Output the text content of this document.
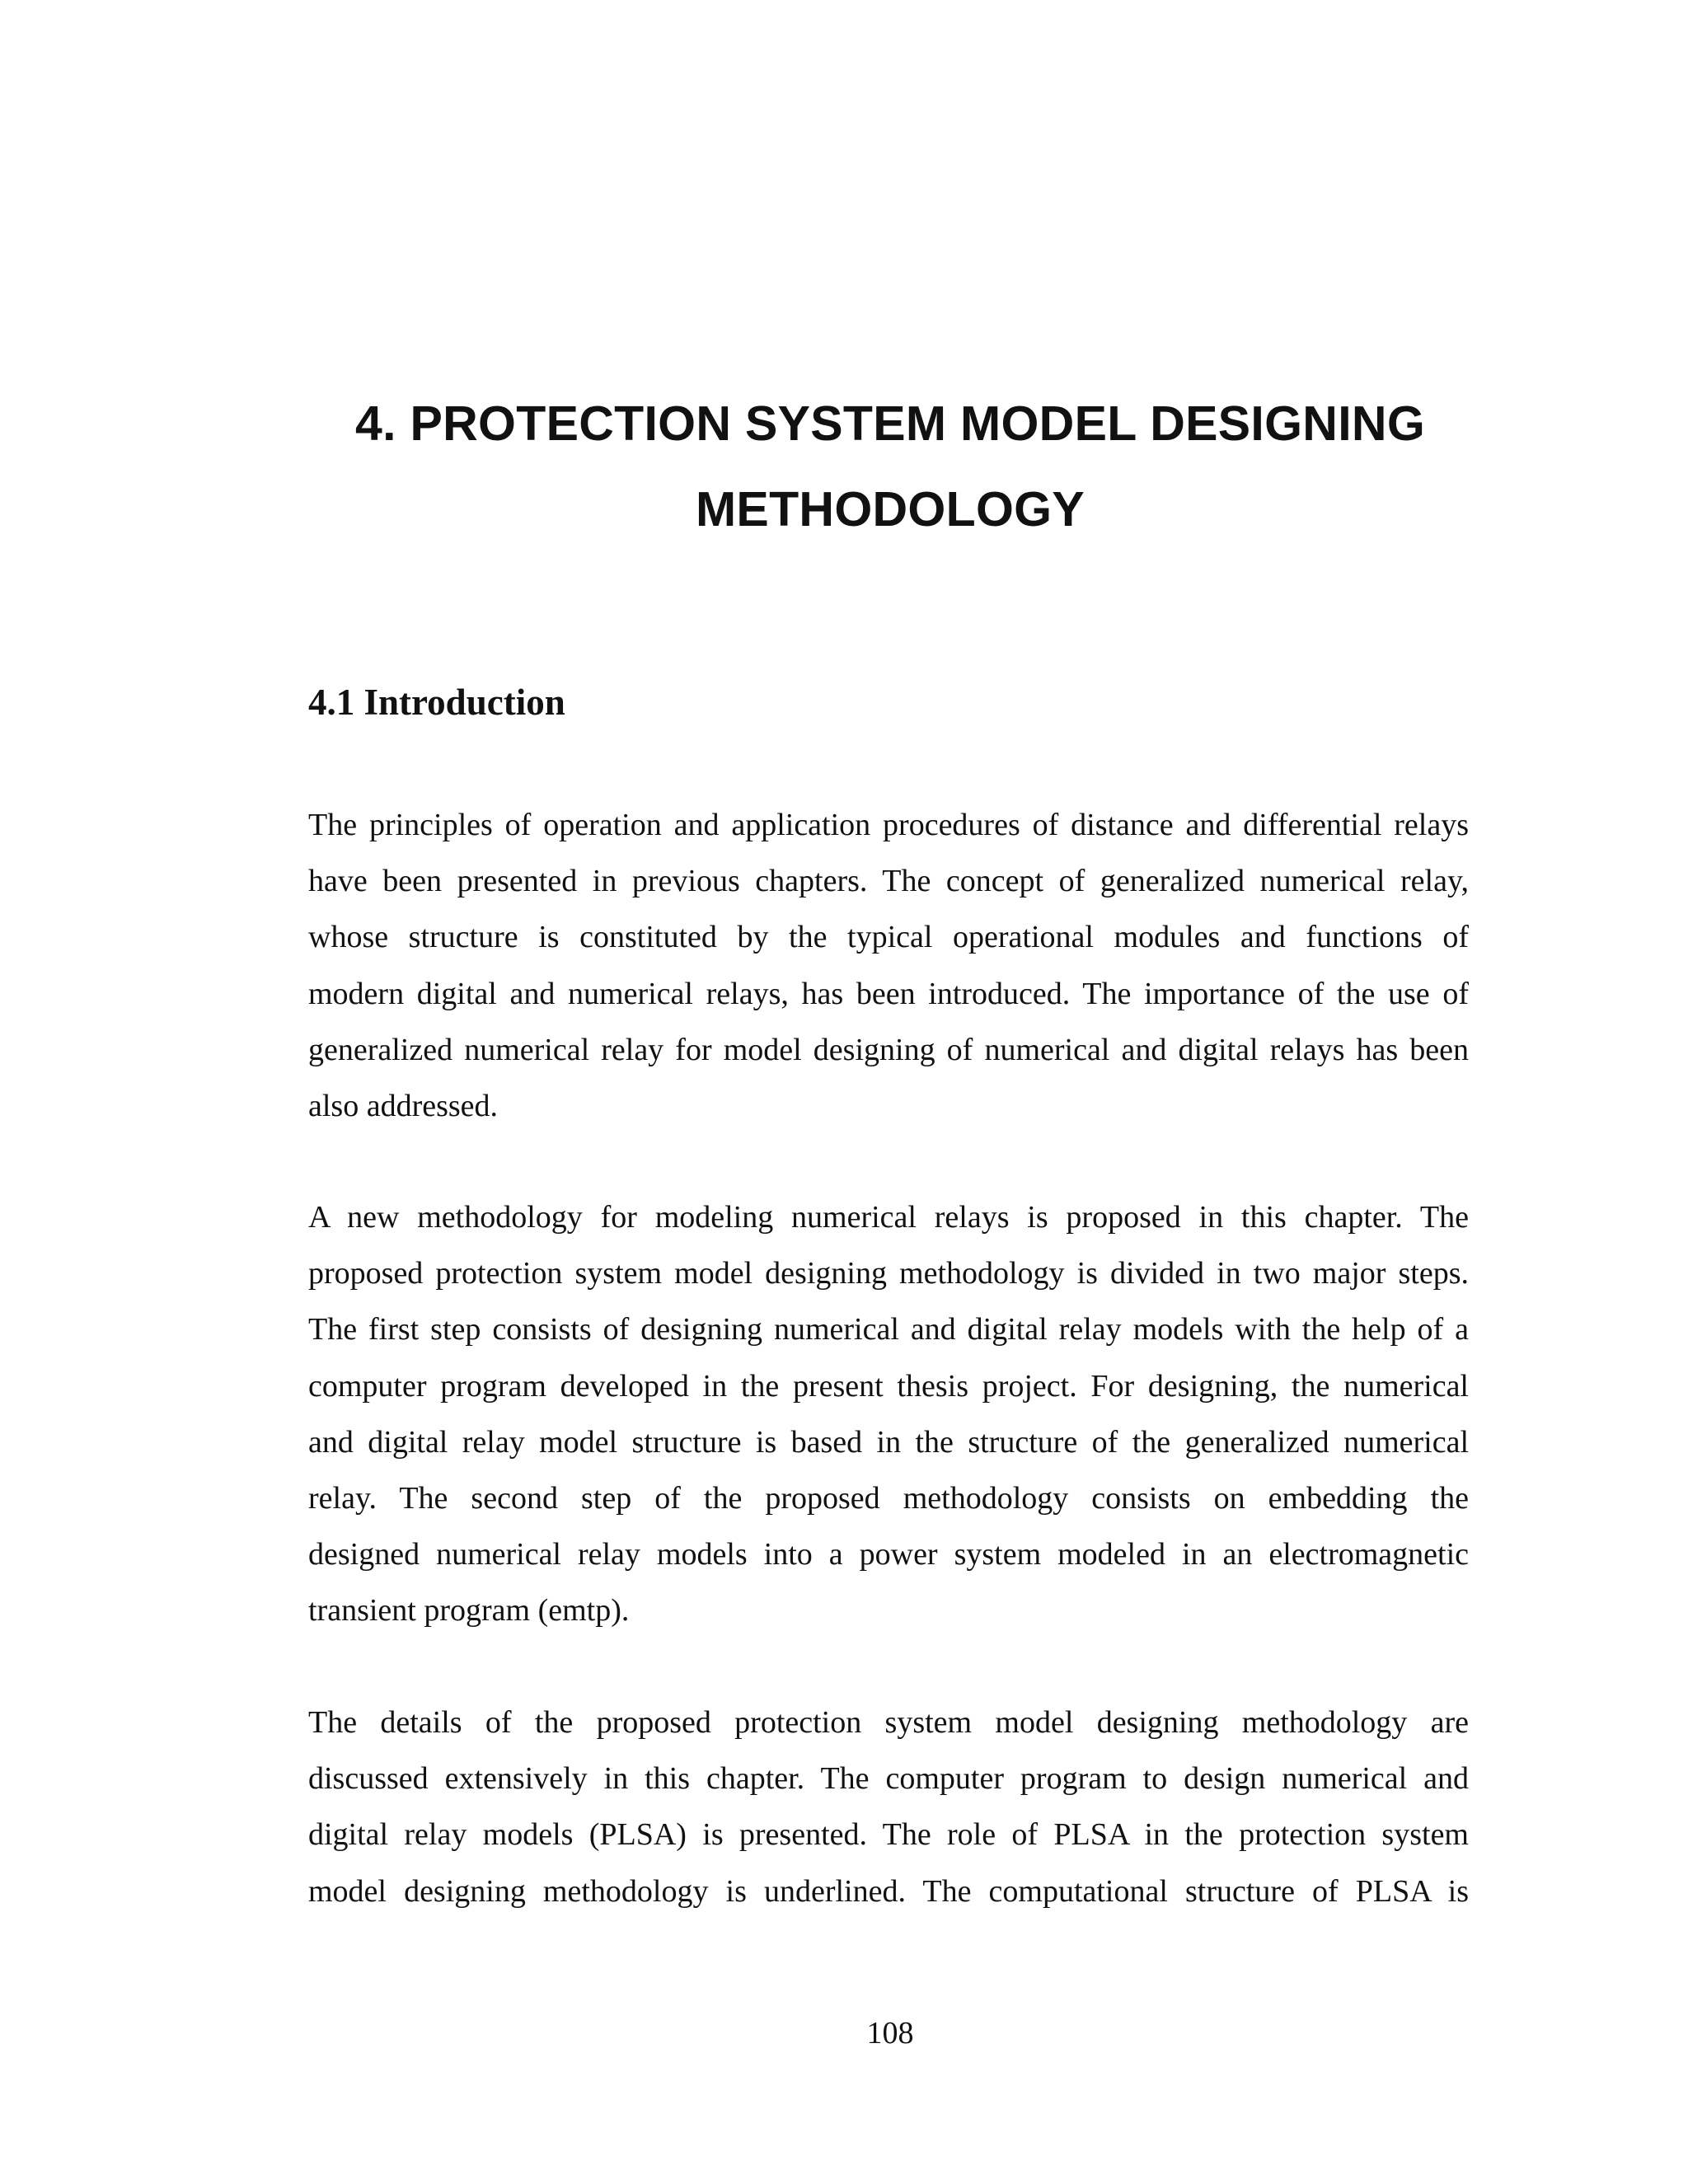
4. PROTECTION SYSTEM MODEL DESIGNING
METHODOLOGY
4.1 Introduction

The principles of operation and application procedures of distance and differential relays
have been presented in previous chapters. The concept of generalized numerical relay,
whose structure is constituted by the typical operational modules and functions of
modern digital and numerical relays, has been introduced. The importance of the use of
generalized numerical relay for model designing of numerical and digital relays has been
also addressed.

A new methodology for modeling numerical relays is proposed in this chapter. The
proposed protection system model designing methodology is divided in two major steps.
The first step consists of designing numerical and digital relay models with the help of a
computer program developed in the present thesis project. For designing, the numerical
and digital relay model structure is based in the structure of the generalized numerical
relay. The second step of the proposed methodology consists on embedding the
designed numerical relay models into a power system modeled in an electromagnetic
transient program (emtp).

The details of the proposed protection system model designing methodology are
discussed extensively in this chapter. The computer program to design numerical and
digital relay models (PLSA) is presented. The role of PLSA in the protection system
model designing methodology is underlined. The computational structure of PLSA is

108
